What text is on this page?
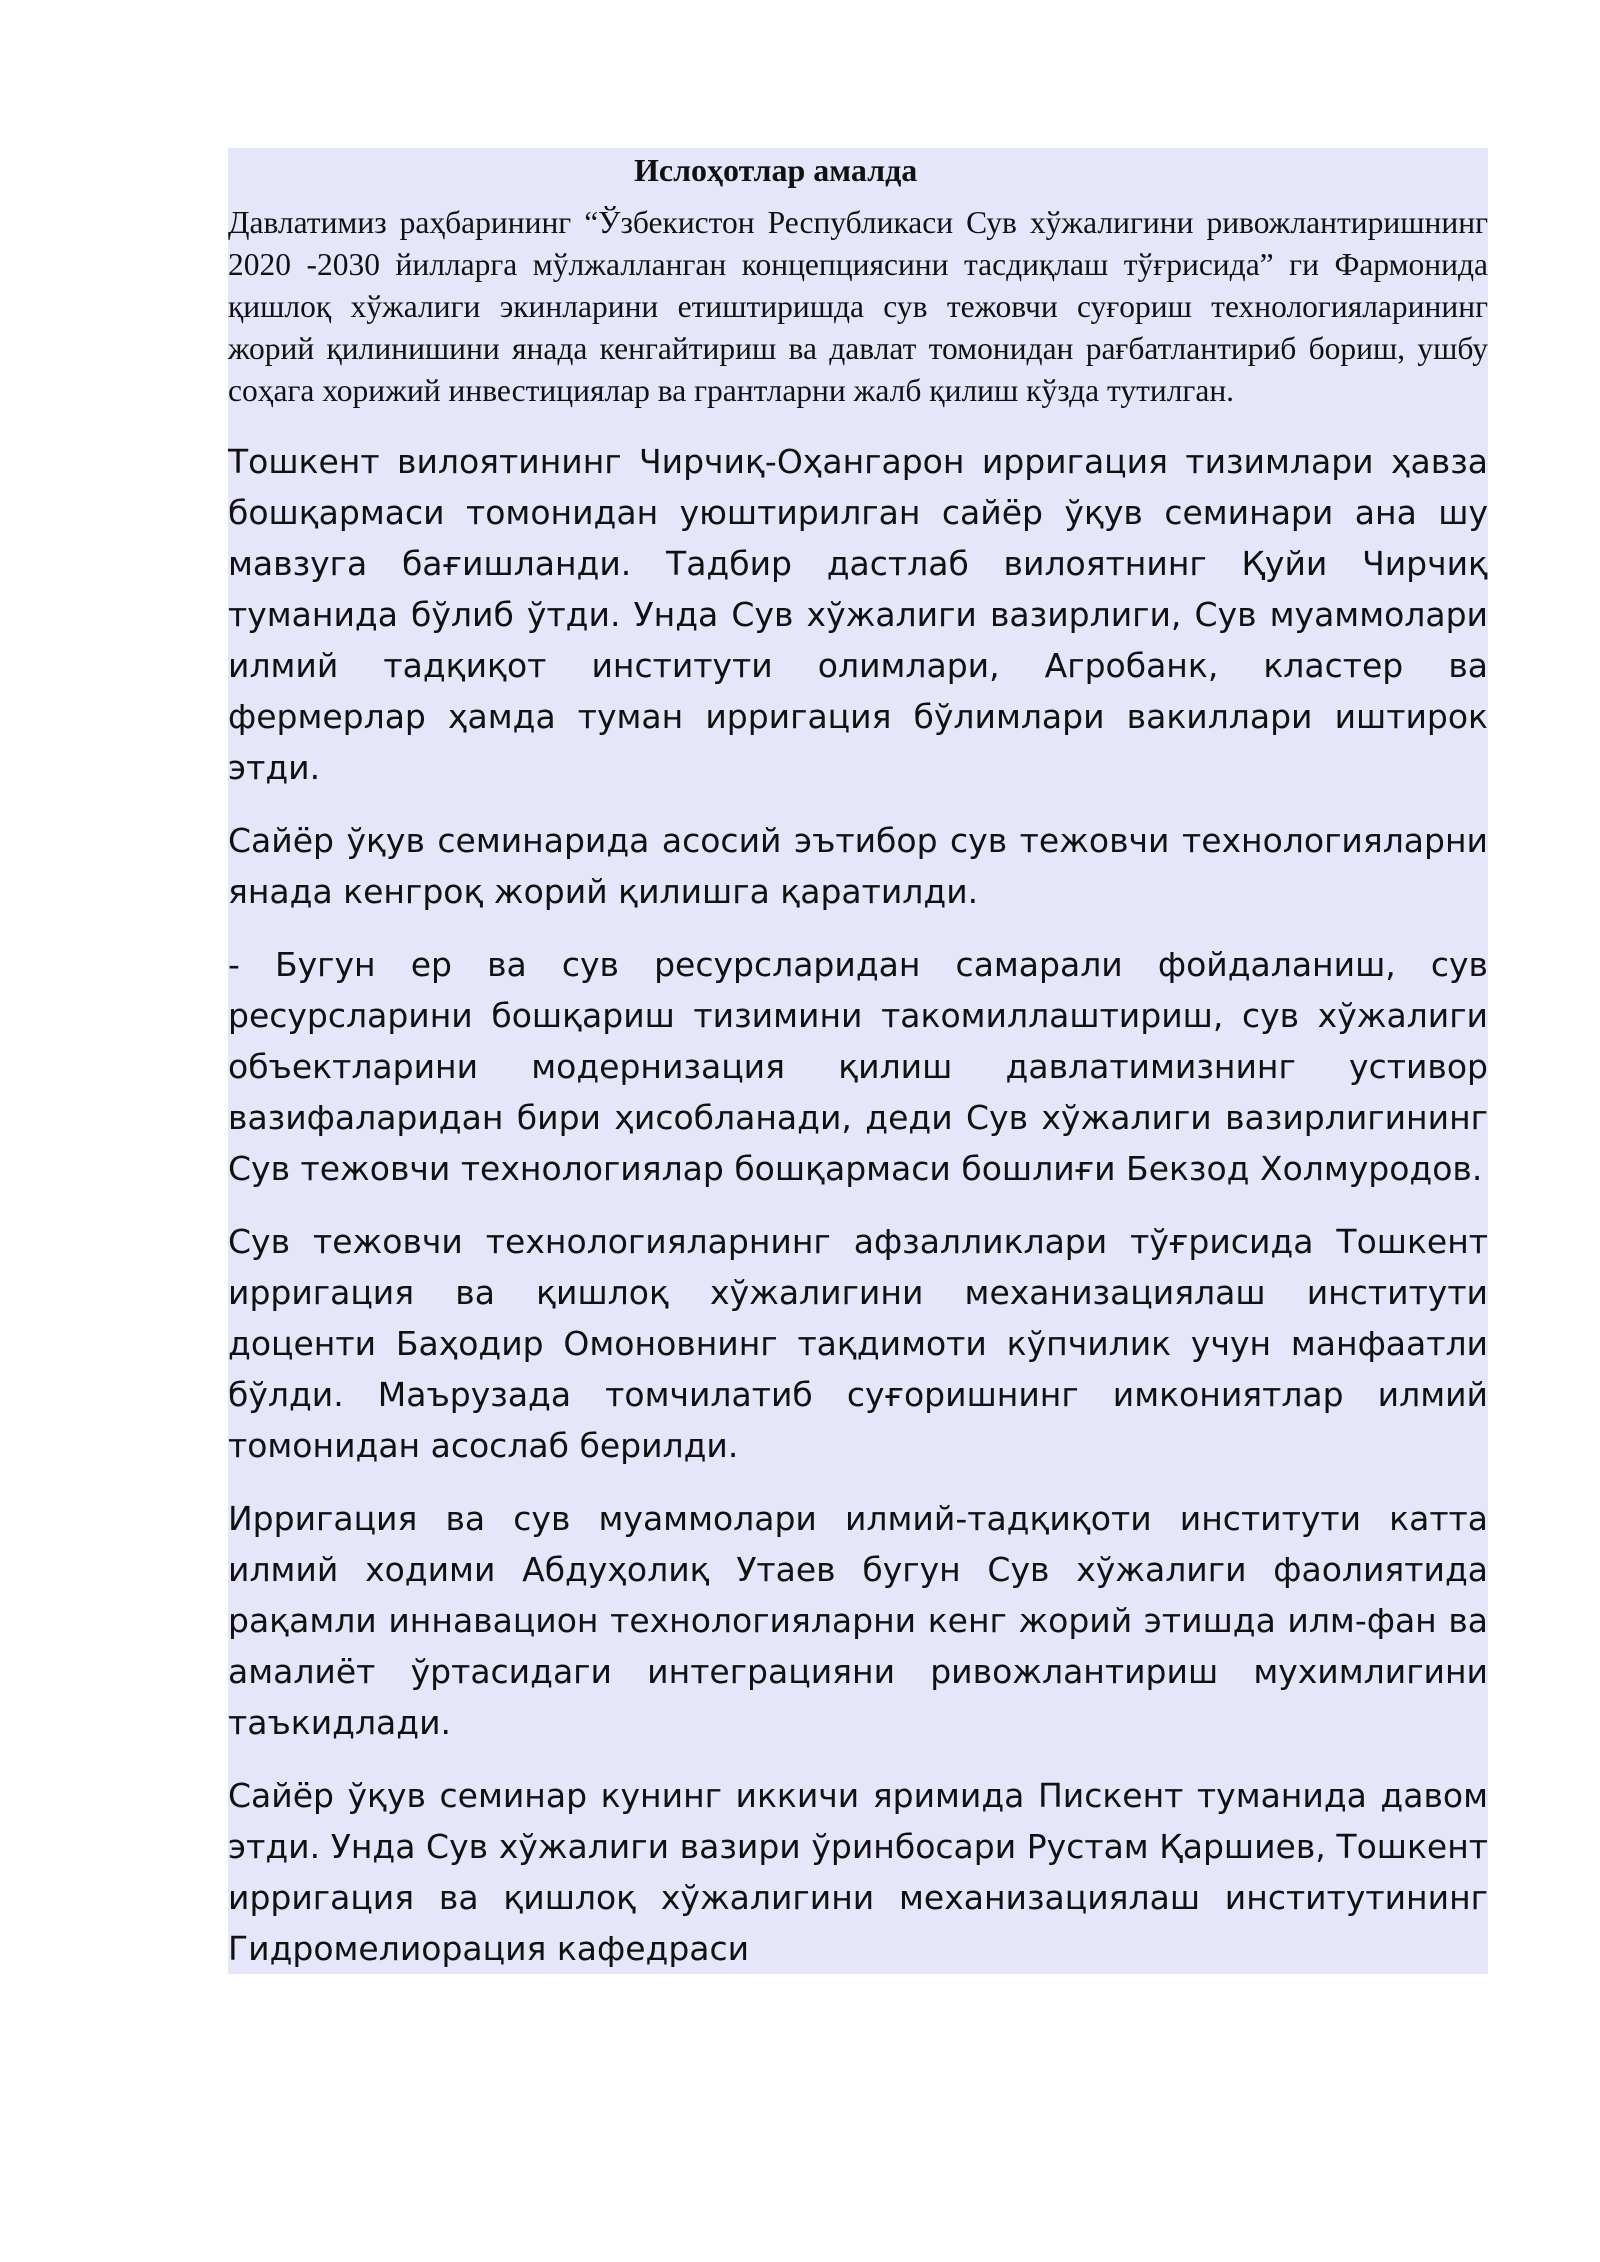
Ислоҳотлар амалда

Давлатимиз раҳбарининг “Ўзбекистон Республикаси Сув хўжалигини ривожлантиришнинг 2020 -2030 йилларга мўлжалланган концепциясини тасдиқлаш тўғрисида” ги Фармонида қишлоқ хўжалиги экинларини етиштиришда сув тежовчи суғориш технологияларининг жорий қилинишини янада кенгайтириш ва давлат томонидан рағбатлантириб бориш, ушбу соҳага хорижий инвестициялар ва грантларни жалб қилиш кўзда тутилган.

Тошкент вилоятининг Чирчиқ-Оҳангарон ирригация тизимлари ҳавза бошқармаси томонидан уюштирилган сайёр ўқув семинари ана шу мавзуга бағишланди. Тадбир дастлаб вилоятнинг Қуйи Чирчиқ туманида бўлиб ўтди. Унда Сув хўжалиги вазирлиги, Сув муаммолари илмий тадқиқот институти олимлари, Агробанк, кластер ва фермерлар ҳамда туман ирригация бўлимлари вакиллари иштирок этди.

Сайёр ўқув семинарида асосий эътибор сув тежовчи технологияларни янада кенгроқ жорий қилишга қаратилди.

- Бугун ер ва сув ресурсларидан самарали фойдаланиш, сув ресурсларини бошқариш тизимини такомиллаштириш, сув хўжалиги объектларини модернизация қилиш давлатимизнинг устивор вазифаларидан бири ҳисобланади, деди Сув хўжалиги вазирлигининг Сув тежовчи технологиялар бошқармаси бошлиғи Бекзод Холмуродов.

Сув тежовчи технологияларнинг афзалликлари тўғрисида Тошкент ирригация ва қишлоқ хўжалигини механизациялаш институти доценти Баҳодир Омоновнинг тақдимоти кўпчилик учун манфаатли бўлди. Маърузада томчилатиб суғоришнинг имкониятлар илмий томонидан асослаб берилди.

Ирригация ва сув муаммолари илмий-тадқиқоти институти катта илмий ходими Абдуҳолиқ Утаев бугун Сув хўжалиги фаолиятида рақамли иннавацион технологияларни кенг жорий этишда илм-фан ва амалиёт ўртасидаги интеграцияни ривожлантириш мухимлигини таъкидлади.

Сайёр ўқув семинар кунинг иккичи яримида Пискент туманида давом этди. Унда Сув хўжалиги вазири ўринбосари Рустам Қаршиев, Тошкент ирригация ва қишлоқ хўжалигини механизациялаш институтининг Гидромелиорация кафедраси
